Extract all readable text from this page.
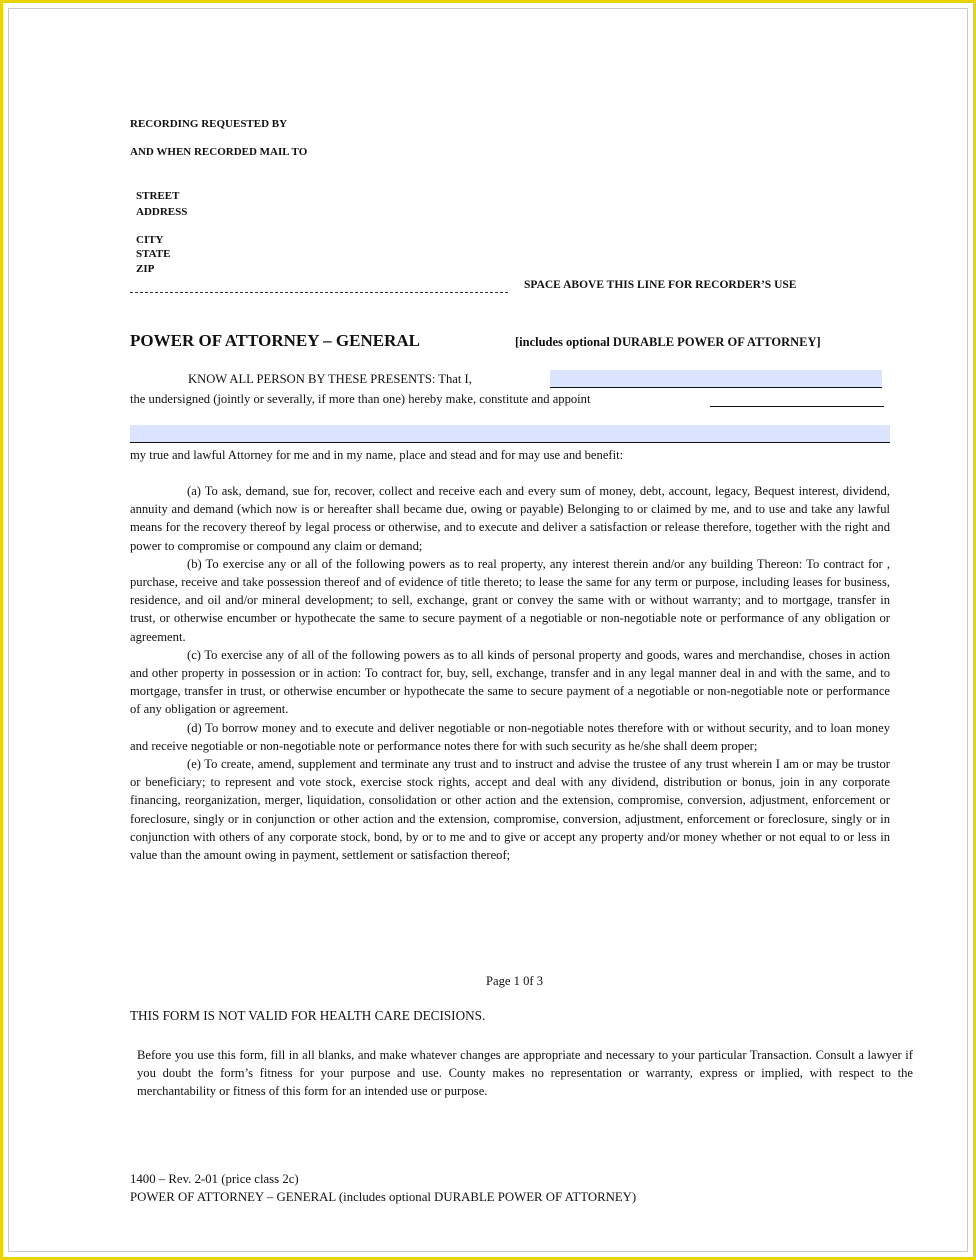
RECORDING REQUESTED BY
AND WHEN RECORDED MAIL TO
STREET
ADDRESS
CITY
STATE
ZIP
SPACE ABOVE THIS LINE FOR RECORDER’S USE
POWER OF ATTORNEY – GENERAL	[includes optional DURABLE POWER OF ATTORNEY]
KNOW ALL PERSON BY THESE PRESENTS: That I,
the undersigned (jointly or severally, if more than one) hereby make, constitute and appoint
my true and lawful Attorney for me and in my name, place and stead and for may use and benefit:
(a) To ask, demand, sue for, recover, collect and receive each and every sum of money, debt, account, legacy, Bequest interest, dividend, annuity and demand (which now is or hereafter shall became due, owing or payable) Belonging to or claimed by me, and to use and take any lawful means for the recovery thereof by legal process or otherwise, and to execute and deliver a satisfaction or release therefore, together with the right and power to compromise or compound any claim or demand;
(b) To exercise any or all of the following powers as to real property, any interest therein and/or any building Thereon: To contract for , purchase, receive and take possession thereof and of evidence of title thereto; to lease the same for any term or purpose, including leases for business, residence, and oil and/or mineral development; to sell, exchange, grant or convey the same with or without warranty; and to mortgage, transfer in trust, or otherwise encumber or hypothecate the same to secure payment of a negotiable or non-negotiable note or performance of any obligation or agreement.
(c) To exercise any of all of the following powers as to all kinds of personal property and goods, wares and merchandise, choses in action and other property in possession or in action: To contract for, buy, sell, exchange, transfer and in any legal manner deal in and with the same, and to mortgage, transfer in trust, or otherwise encumber or hypothecate the same to secure payment of a negotiable or non-negotiable note or performance of any obligation or agreement.
(d) To borrow money and to execute and deliver negotiable or non-negotiable notes therefore with or without security, and to loan money and receive negotiable or non-negotiable note or performance notes there for with such security as he/she shall deem proper;
(e) To create, amend, supplement and terminate any trust and to instruct and advise the trustee of any trust wherein I am or may be trustor or beneficiary; to represent and vote stock, exercise stock rights, accept and deal with any dividend, distribution or bonus, join in any corporate financing, reorganization, merger, liquidation, consolidation or other action and the extension, compromise, conversion, adjustment, enforcement or foreclosure, singly or in conjunction or other action and the extension, compromise, conversion, adjustment, enforcement or foreclosure, singly or in conjunction with others of any corporate stock, bond, by or to me and to give or accept any property and/or money whether or not equal to or less in value than the amount owing in payment, settlement or satisfaction thereof;
Page 1 0f 3
THIS FORM IS NOT VALID FOR HEALTH CARE DECISIONS.
Before you use this form, fill in all blanks, and make whatever changes are appropriate and necessary to your particular Transaction. Consult a lawyer if you doubt the form’s fitness for your purpose and use. County makes no representation or warranty, express or implied, with respect to the merchantability or fitness of this form for an intended use or purpose.
1400 – Rev. 2-01 (price class 2c)
POWER OF ATTORNEY – GENERAL (includes optional DURABLE POWER OF ATTORNEY)
